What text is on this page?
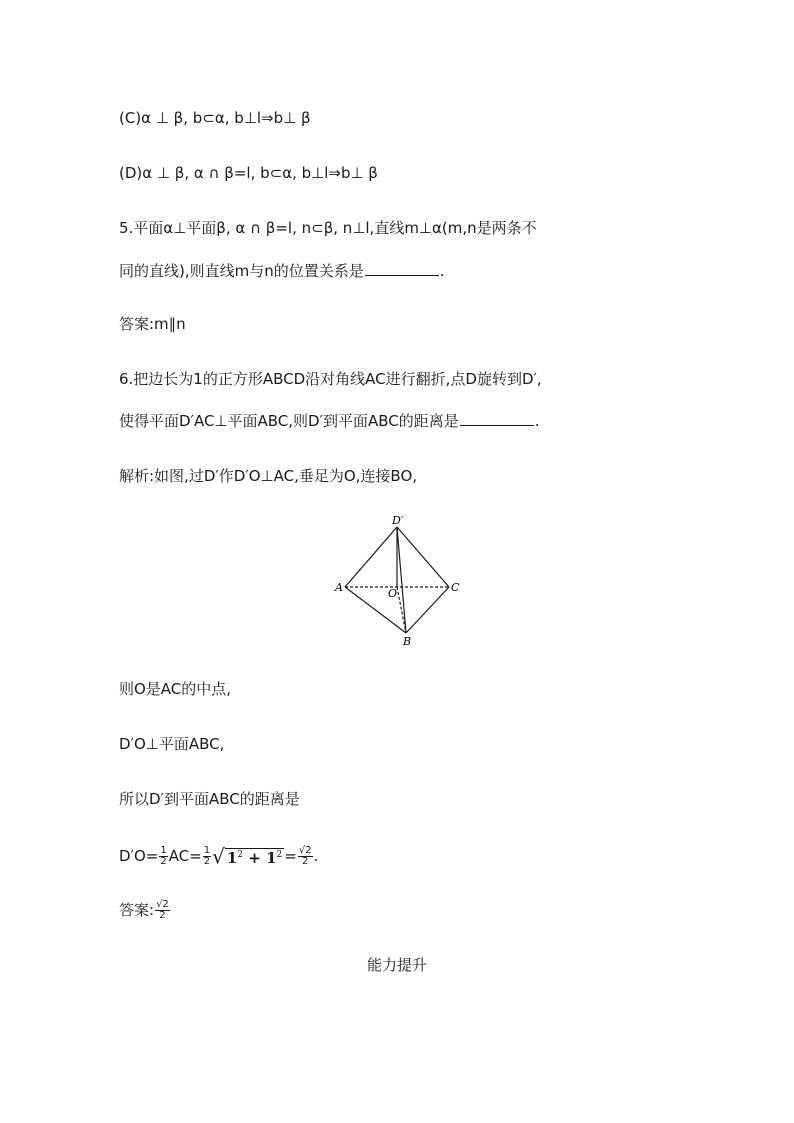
(C)α ⊥ β, b⊂α, b⊥l⇒b⊥ β
(D)α ⊥ β, α ∩ β=l, b⊂α, b⊥l⇒b⊥ β
5.平面α⊥平面β, α ∩ β=l, n⊂β, n⊥l,直线m⊥α(m,n是两条不
同的直线),则直线m与n的位置关系是	.
答案:m∥n
6.把边长为1的正方形ABCD沿对角线AC进行翻折,点D旋转到D′,
使得平面D′AC⊥平面ABC,则D′到平面ABC的距离是	.
解析:如图,过D′作D′O⊥AC,垂足为O,连接BO,
D′
A	C
O
B
则O是AC的中点,
D′O⊥平面ABC,
所以D′到平面ABC的距离是
$D'O= \frac{1}{2} AC= \frac{1}{2}$ √ $1^2 + 1^2 = \frac{√2}{2}$ .
答案: $\frac{√2}{2}$
能力提升
